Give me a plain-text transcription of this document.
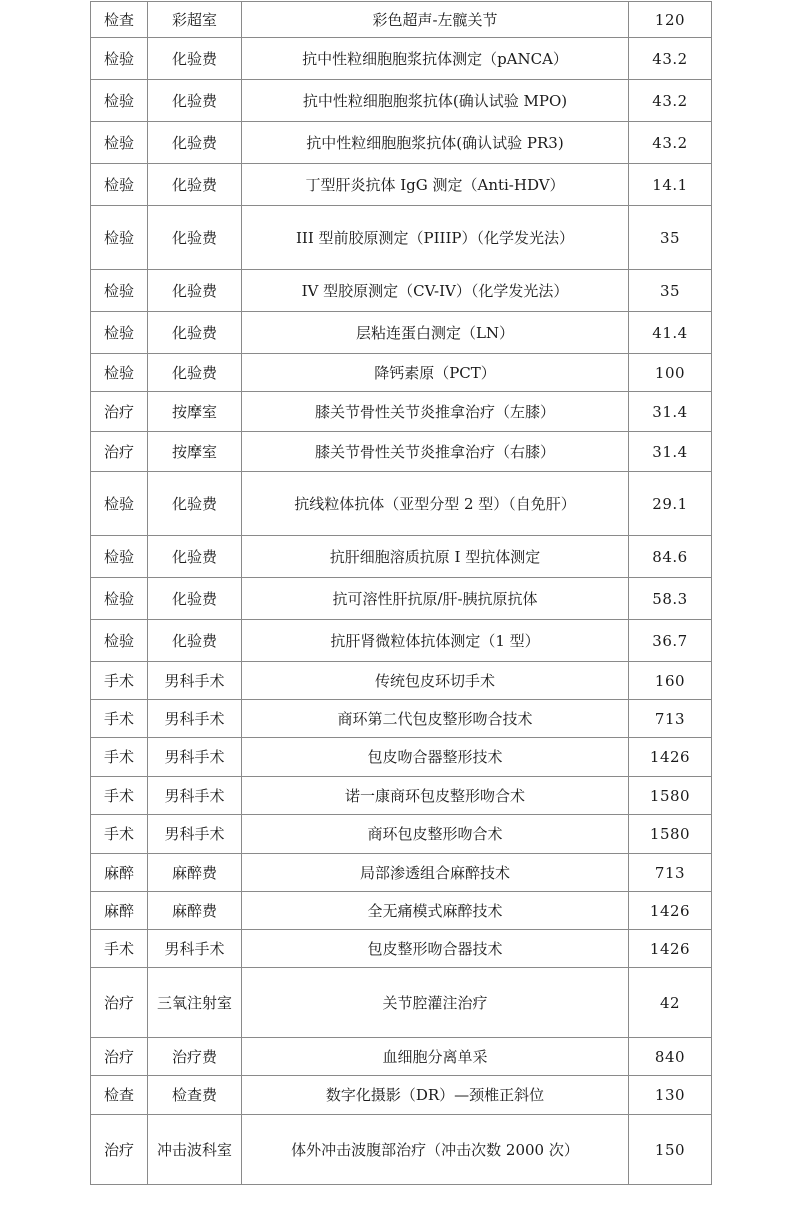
检查	彩超室	彩色超声-左髋关节	120
检验	化验费	抗中性粒细胞胞浆抗体测定（pANCA）	43.2
检验	化验费	抗中性粒细胞胞浆抗体(确认试验 MPO)	43.2
检验	化验费	抗中性粒细胞胞浆抗体(确认试验 PR3)	43.2
检验	化验费	丁型肝炎抗体 IgG 测定（Anti-HDV）	14.1
检验	化验费	III 型前胶原测定（PIIIP）（化学发光法）	35
检验	化验费	IV 型胶原测定（CV-IV）（化学发光法）	35
检验	化验费	层粘连蛋白测定（LN）	41.4
检验	化验费	降钙素原（PCT）	100
治疗	按摩室	膝关节骨性关节炎推拿治疗（左膝）	31.4
治疗	按摩室	膝关节骨性关节炎推拿治疗（右膝）	31.4
检验	化验费	抗线粒体抗体（亚型分型 2 型）（自免肝）	29.1
检验	化验费	抗肝细胞溶质抗原 I 型抗体测定	84.6
检验	化验费	抗可溶性肝抗原/肝-胰抗原抗体	58.3
检验	化验费	抗肝肾微粒体抗体测定（1 型）	36.7
手术	男科手术	传统包皮环切手术	160
手术	男科手术	商环第二代包皮整形吻合技术	713
手术	男科手术	包皮吻合器整形技术	1426
手术	男科手术	诺一康商环包皮整形吻合术	1580
手术	男科手术	商环包皮整形吻合术	1580
麻醉	麻醉费	局部渗透组合麻醉技术	713
麻醉	麻醉费	全无痛模式麻醉技术	1426
手术	男科手术	包皮整形吻合器技术	1426
治疗	三氧注射室	关节腔灌注治疗	42
治疗	治疗费	血细胞分离单采	840
检查	检查费	数字化摄影（DR）—颈椎正斜位	130
治疗	冲击波科室	体外冲击波腹部治疗（冲击次数 2000 次）	150
